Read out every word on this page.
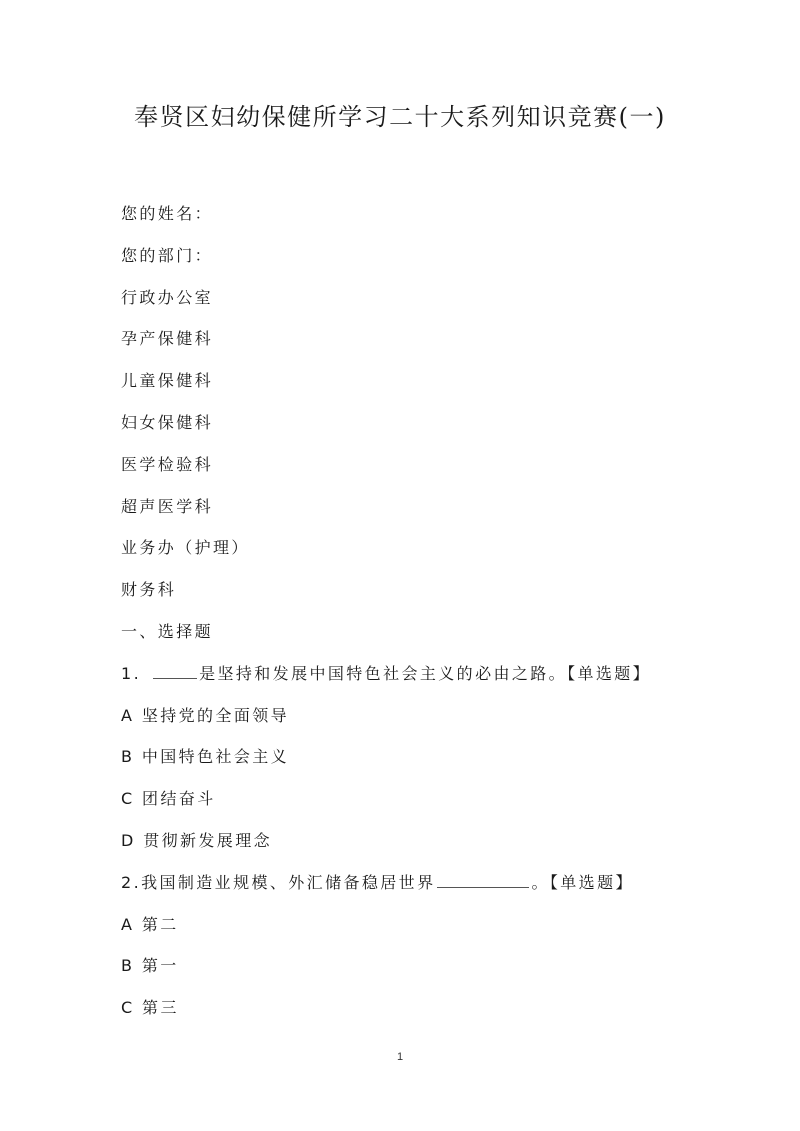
奉贤区妇幼保健所学习二十大系列知识竞赛(一)
您的姓名：
您的部门：
行政办公室
孕产保健科
儿童保健科
妇女保健科
医学检验科
超声医学科
业务办（护理）
财务科
一、选择题
1.	是坚持和发展中国特色社会主义的必由之路。【单选题】
A 坚持党的全面领导
B 中国特色社会主义
C 团结奋斗
D 贯彻新发展理念
2.我国制造业规模、外汇储备稳居世界	。【单选题】
A 第二
B 第一
C 第三
1
